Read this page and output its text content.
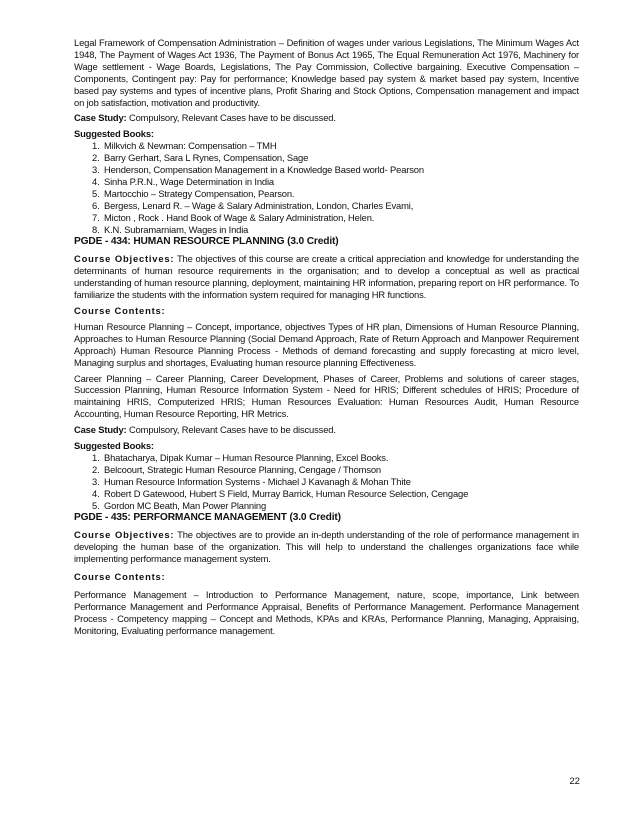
Legal Framework of Compensation Administration – Definition of wages under various Legislations, The Minimum Wages Act 1948, The Payment of Wages Act 1936, The Payment of Bonus Act 1965, The Equal Remuneration Act 1976, Machinery for Wage settlement - Wage Boards, Legislations, The Pay Commission, Collective bargaining. Executive Compensation – Components, Contingent pay: Pay for performance; Knowledge based pay system & market based pay system, Incentive based pay systems and types of incentive plans, Profit Sharing and Stock Options, Compensation management and impact on job satisfaction, motivation and productivity.

Case Study: Compulsory, Relevant Cases have to be discussed.

Suggested Books:

1. Milkvich & Newman: Compensation – TMH
2. Barry Gerhart, Sara L Rynes, Compensation, Sage
3. Henderson, Compensation Management in a Knowledge Based world- Pearson
4. Sinha P.R.N., Wage Determination in India
5. Martocchio – Strategy Compensation, Pearson.
6. Bergess, Lenard R. – Wage & Salary Administration, London, Charles Evami,
7. Micton , Rock . Hand Book of Wage & Salary Administration, Helen.
8. K.N. Subramarniam, Wages in India

PGDE - 434: HUMAN RESOURCE PLANNING (3.0 Credit)

Course Objectives: The objectives of this course are create a critical appreciation and knowledge for understanding the determinants of human resource requirements in the organisation; and to develop a conceptual as well as practical understanding of human resource planning, deployment, maintaining HR information, preparing report on HR performance. To familiarize the students with the information system required for managing HR functions.

Course Contents:

Human Resource Planning – Concept, importance, objectives Types of HR plan, Dimensions of Human Resource Planning, Approaches to Human Resource Planning (Social Demand Approach, Rate of Return Approach and Manpower Requirement Approach) Human Resource Planning Process - Methods of demand forecasting and supply forecasting at micro level, Managing surplus and shortages, Evaluating human resource planning Effectiveness.

Career Planning – Career Planning, Career Development, Phases of Career, Problems and solutions of career stages, Succession Planning, Human Resource Information System - Need for HRIS; Different schedules of HRIS; Procedure of maintaining HRIS, Computerized HRIS; Human Resources Evaluation: Human Resources Audit, Human Resource Accounting, Human Resource Reporting, HR Metrics.

Case Study: Compulsory, Relevant Cases have to be discussed.

Suggested Books:

1. Bhatacharya, Dipak Kumar – Human Resource Planning, Excel Books.
2. Belcoourt, Strategic Human Resource Planning, Cengage / Thomson
3. Human Resource Information Systems - Michael J Kavanagh & Mohan Thite
4. Robert D Gatewood, Hubert S Field, Murray Barrick, Human Resource Selection, Cengage
5. Gordon MC Beath, Man Power Planning

PGDE - 435: PERFORMANCE MANAGEMENT (3.0 Credit)

Course Objectives: The objectives are to provide an in-depth understanding of the role of performance management in developing the human base of the organization. This will help to understand the challenges organizations face while implementing performance management system.

Course Contents:

Performance Management – Introduction to Performance Management, nature, scope, importance, Link between Performance Management and Performance Appraisal, Benefits of Performance Management. Performance Management Process - Competency mapping – Concept and Methods, KPAs and KRAs, Performance Planning, Managing, Appraising, Monitoring, Evaluating performance management.

22
